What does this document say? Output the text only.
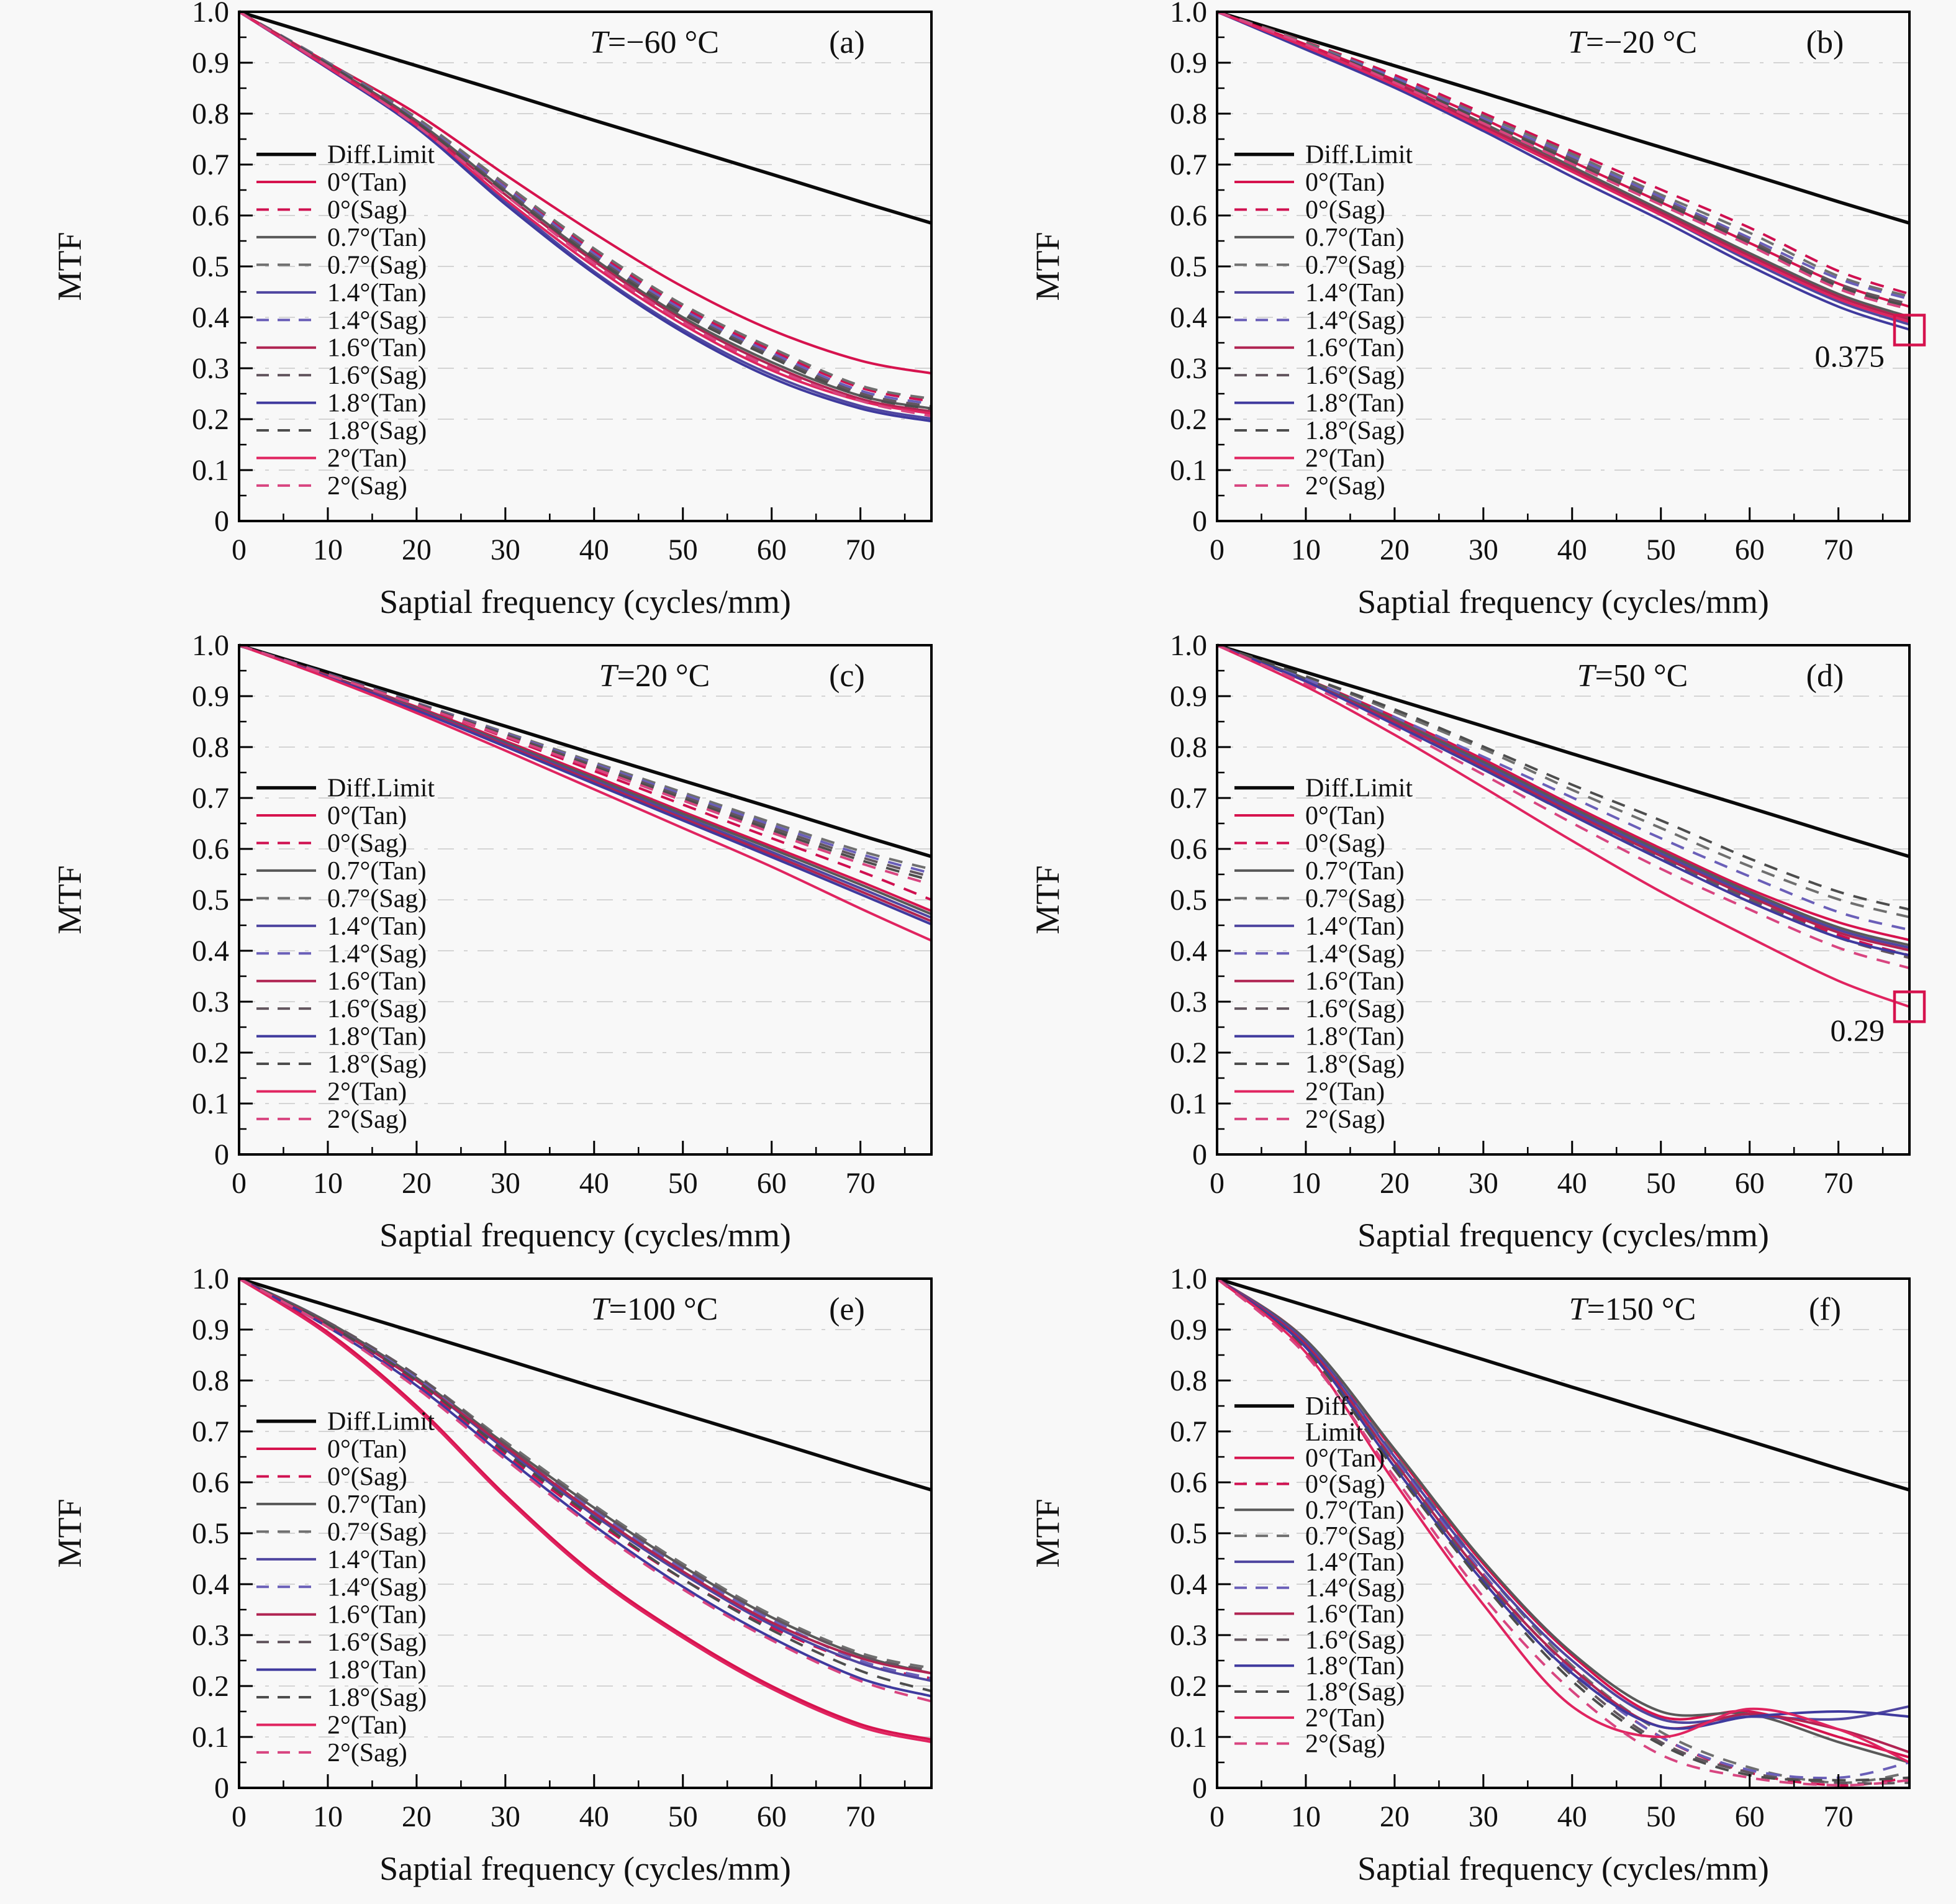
0
0.1
0.2
0.3
0.4
0.5
0.6
0.7
0.8
0.9
1.0
0 10 20 30 40 50 60 70
Saptial frequency (cycles/mm)
MTF
T=−60 °C	(a)
Diff.Limit
0°(Tan)
0°(Sag)
0.7°(Tan)
0.7°(Sag)
1.4°(Tan)
1.4°(Sag)
1.6°(Tan)
1.6°(Sag)
1.8°(Tan)
1.8°(Sag)
2°(Tan)
2°(Sag)
0
0.1
0.2
0.3
0.4
0.5
0.6
0.7
0.8
0.9
1.0
0 10 20 30 40 50 60 70
Saptial frequency (cycles/mm)
MTF
T=−20 °C	(b)
Diff.Limit
0°(Tan)
0°(Sag)
0.7°(Tan)
0.7°(Sag)
1.4°(Tan)
1.4°(Sag)
1.6°(Tan)
1.6°(Sag)
1.8°(Tan)
1.8°(Sag)
2°(Tan)
2°(Sag)
0.375
0
0.1
0.2
0.3
0.4
0.5
0.6
0.7
0.8
0.9
1.0
0 10 20 30 40 50 60 70
Saptial frequency (cycles/mm)
MTF
T=20 °C	(c)
Diff.Limit
0°(Tan)
0°(Sag)
0.7°(Tan)
0.7°(Sag)
1.4°(Tan)
1.4°(Sag)
1.6°(Tan)
1.6°(Sag)
1.8°(Tan)
1.8°(Sag)
2°(Tan)
2°(Sag)
0
0.1
0.2
0.3
0.4
0.5
0.6
0.7
0.8
0.9
1.0
0 10 20 30 40 50 60 70
Saptial frequency (cycles/mm)
MTF
T=50 °C	(d)
Diff.Limit
0°(Tan)
0°(Sag)
0.7°(Tan)
0.7°(Sag)
1.4°(Tan)
1.4°(Sag)
1.6°(Tan)
1.6°(Sag)
1.8°(Tan)
1.8°(Sag)
2°(Tan)
2°(Sag)
0.29
0
0.1
0.2
0.3
0.4
0.5
0.6
0.7
0.8
0.9
1.0
0 10 20 30 40 50 60 70
Saptial frequency (cycles/mm)
MTF
T=100 °C	(e)
Diff.Limit
0°(Tan)
0°(Sag)
0.7°(Tan)
0.7°(Sag)
1.4°(Tan)
1.4°(Sag)
1.6°(Tan)
1.6°(Sag)
1.8°(Tan)
1.8°(Sag)
2°(Tan)
2°(Sag)
0
0.1
0.2
0.3
0.4
0.5
0.6
0.7
0.8
0.9
1.0
0 10 20 30 40 50 60 70
Saptial frequency (cycles/mm)
MTF
T=150 °C	(f)
Diff.
Limit
0°(Tan)
0°(Sag)
0.7°(Tan)
0.7°(Sag)
1.4°(Tan)
1.4°(Sag)
1.6°(Tan)
1.6°(Sag)
1.8°(Tan)
1.8°(Sag)
2°(Tan)
2°(Sag)
